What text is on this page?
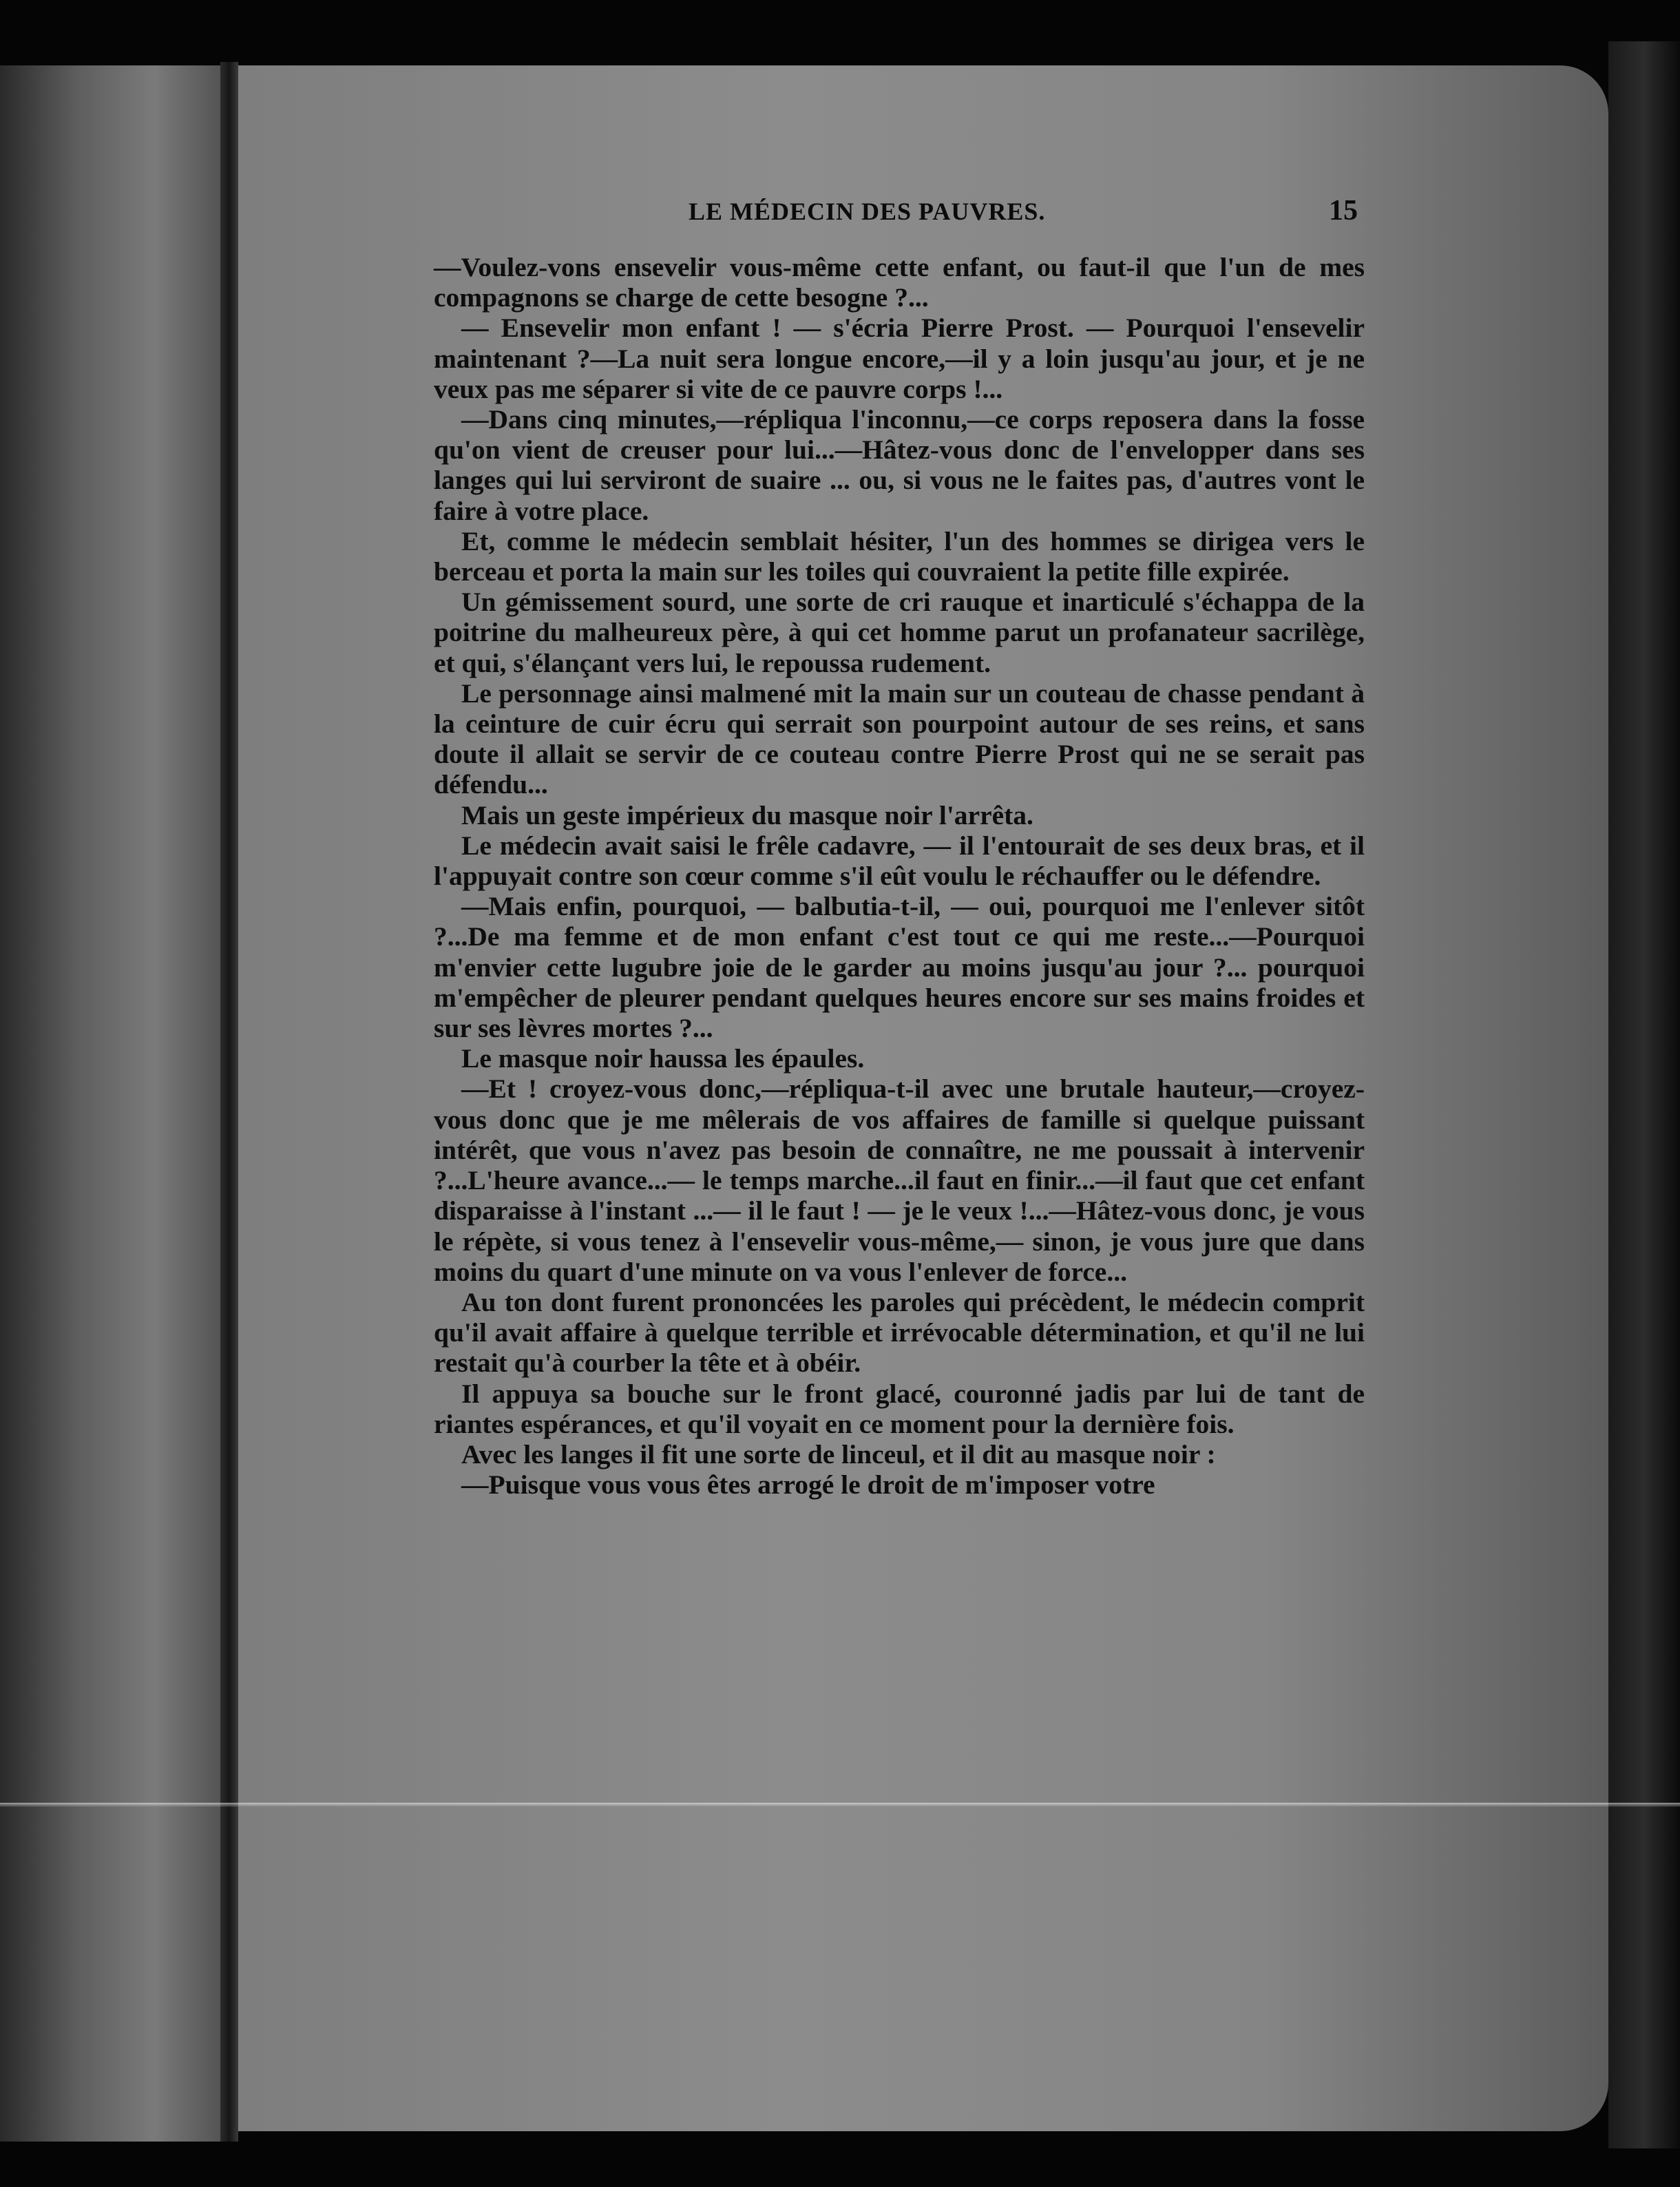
LE MÉDECIN DES PAUVRES.	15

—Voulez-vons ensevelir vous-même cette enfant, ou faut-il que l'un de mes compagnons se charge de cette besogne ?...

— Ensevelir mon enfant ! — s'écria Pierre Prost. — Pourquoi l'ensevelir maintenant ?—La nuit sera longue encore,—il y a loin jusqu'au jour, et je ne veux pas me séparer si vite de ce pauvre corps !...

—Dans cinq minutes,—répliqua l'inconnu,—ce corps reposera dans la fosse qu'on vient de creuser pour lui...—Hâtez-vous donc de l'envelopper dans ses langes qui lui serviront de suaire ... ou, si vous ne le faites pas, d'autres vont le faire à votre place.

Et, comme le médecin semblait hésiter, l'un des hommes se dirigea vers le berceau et porta la main sur les toiles qui couvraient la petite fille expirée.

Un gémissement sourd, une sorte de cri rauque et inarticulé s'échappa de la poitrine du malheureux père, à qui cet homme parut un profanateur sacrilège, et qui, s'élançant vers lui, le repoussa rudement.

Le personnage ainsi malmené mit la main sur un couteau de chasse pendant à la ceinture de cuir écru qui serrait son pourpoint autour de ses reins, et sans doute il allait se servir de ce couteau contre Pierre Prost qui ne se serait pas défendu...

Mais un geste impérieux du masque noir l'arrêta.

Le médecin avait saisi le frêle cadavre, — il l'entourait de ses deux bras, et il l'appuyait contre son cœur comme s'il eût voulu le réchauffer ou le défendre.

—Mais enfin, pourquoi, — balbutia-t-il, — oui, pourquoi me l'enlever sitôt ?...De ma femme et de mon enfant c'est tout ce qui me reste...—Pourquoi m'envier cette lugubre joie de le garder au moins jusqu'au jour ?... pourquoi m'empêcher de pleurer pendant quelques heures encore sur ses mains froides et sur ses lèvres mortes ?...

Le masque noir haussa les épaules.

—Et ! croyez-vous donc,—répliqua-t-il avec une brutale hauteur,—croyez-vous donc que je me mêlerais de vos affaires de famille si quelque puissant intérêt, que vous n'avez pas besoin de connaître, ne me poussait à intervenir ?...L'heure avance...— le temps marche...il faut en finir...—il faut que cet enfant disparaisse à l'instant ...— il le faut ! — je le veux !...—Hâtez-vous donc, je vous le répète, si vous tenez à l'ensevelir vous-même,— sinon, je vous jure que dans moins du quart d'une minute on va vous l'enlever de force...

Au ton dont furent prononcées les paroles qui précèdent, le médecin comprit qu'il avait affaire à quelque terrible et irrévocable détermination, et qu'il ne lui restait qu'à courber la tête et à obéir.

Il appuya sa bouche sur le front glacé, couronné jadis par lui de tant de riantes espérances, et qu'il voyait en ce moment pour la dernière fois.

Avec les langes il fit une sorte de linceul, et il dit au masque noir :

—Puisque vous vous êtes arrogé le droit de m'imposer votre
